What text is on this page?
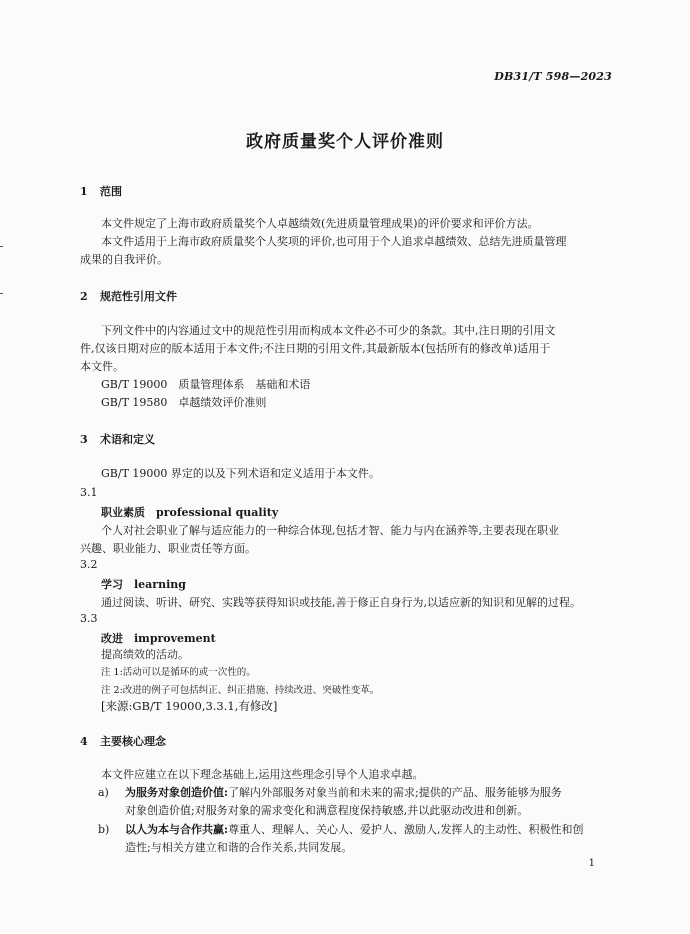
DB31/T 598—2023
政府质量奖个人评价准则
1 范围
本文件规定了上海市政府质量奖个人卓越绩效(先进质量管理成果)的评价要求和评价方法。
本文件适用于上海市政府质量奖个人奖项的评价,也可用于个人追求卓越绩效、总结先进质量管理
成果的自我评价。
2 规范性引用文件
下列文件中的内容通过文中的规范性引用而构成本文件必不可少的条款。其中,注日期的引用文
件,仅该日期对应的版本适用于本文件;不注日期的引用文件,其最新版本(包括所有的修改单)适用于
本文件。
GB/T 19000　 质量管理体系　基础和术语
GB/T 19580　 卓越绩效评价准则
3 术语和定义
GB/T 19000 界定的以及下列术语和定义适用于本文件。
3.1
职业素质　 professional quality
个人对社会职业了解与适应能力的一种综合体现,包括才智、能力与内在涵养等,主要表现在职业
兴趣、职业能力、职业责任等方面。
3.2
学习　 learning
通过阅读、听讲、研究、实践等获得知识或技能,善于修正自身行为,以适应新的知识和见解的过程。
3.3
改进　 improvement
提高绩效的活动。
注 1:活动可以是循环的或一次性的。
注 2:改进的例子可包括纠正、纠正措施、持续改进、突破性变革。
[来源:GB/T 19000,3.3.1,有修改]
4 主要核心理念
本文件应建立在以下理念基础上,运用这些理念引导个人追求卓越。
a) 为服务对象创造价值:了解内外部服务对象当前和未来的需求;提供的产品、服务能够为服务
对象创造价值;对服务对象的需求变化和满意程度保持敏感,并以此驱动改进和创新。
b) 以人为本与合作共赢:尊重人、理解人、关心人、爱护人、激励人,发挥人的主动性、积极性和创
造性;与相关方建立和谐的合作关系,共同发展。
1
